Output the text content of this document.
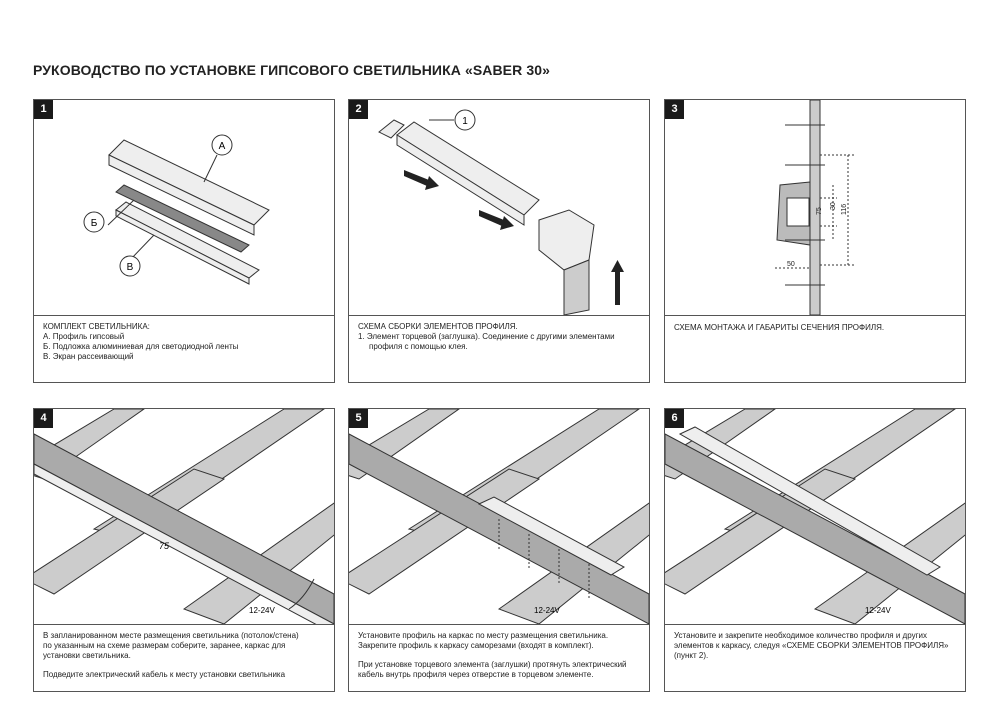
РУКОВОДСТВО ПО УСТАНОВКЕ ГИПСОВОГО СВЕТИЛЬНИКА «SABER 30»
1
А
Б
В

КОМПЛЕКТ СВЕТИЛЬНИКА:

А. Профиль гипсовый

Б. Подложка алюминиевая для светодиодной ленты

В. Экран рассеивающий

2
1

СХЕМА СБОРКИ ЭЛЕМЕНТОВ ПРОФИЛЯ.

1. Элемент торцевой (заглушка). Соединение с другими элементами

профиля с помощью клея.

3
30
75	116
50

СХЕМА МОНТАЖА И ГАБАРИТЫ СЕЧЕНИЯ ПРОФИЛЯ.

4
75
12-24V

В запланированном месте размещения светильника (потолок/стена)

по указанным на схеме размерам соберите, заранее, каркас для

установки светильника.

Подведите электрический кабель к месту установки светильника

5
12-24V

Установите профиль на каркас по месту размещения светильника.

Закрепите профиль к каркасу саморезами (входят в комплект).

При установке торцевого элемента (заглушки) протянуть электрический

кабель внутрь профиля через отверстие в торцевом элементе.

6
12-24V

Установите и закрепите необходимое количество профиля и других

элементов к каркасу, следуя «СХЕМЕ СБОРКИ ЭЛЕМЕНТОВ ПРОФИЛЯ»

(пункт 2).
